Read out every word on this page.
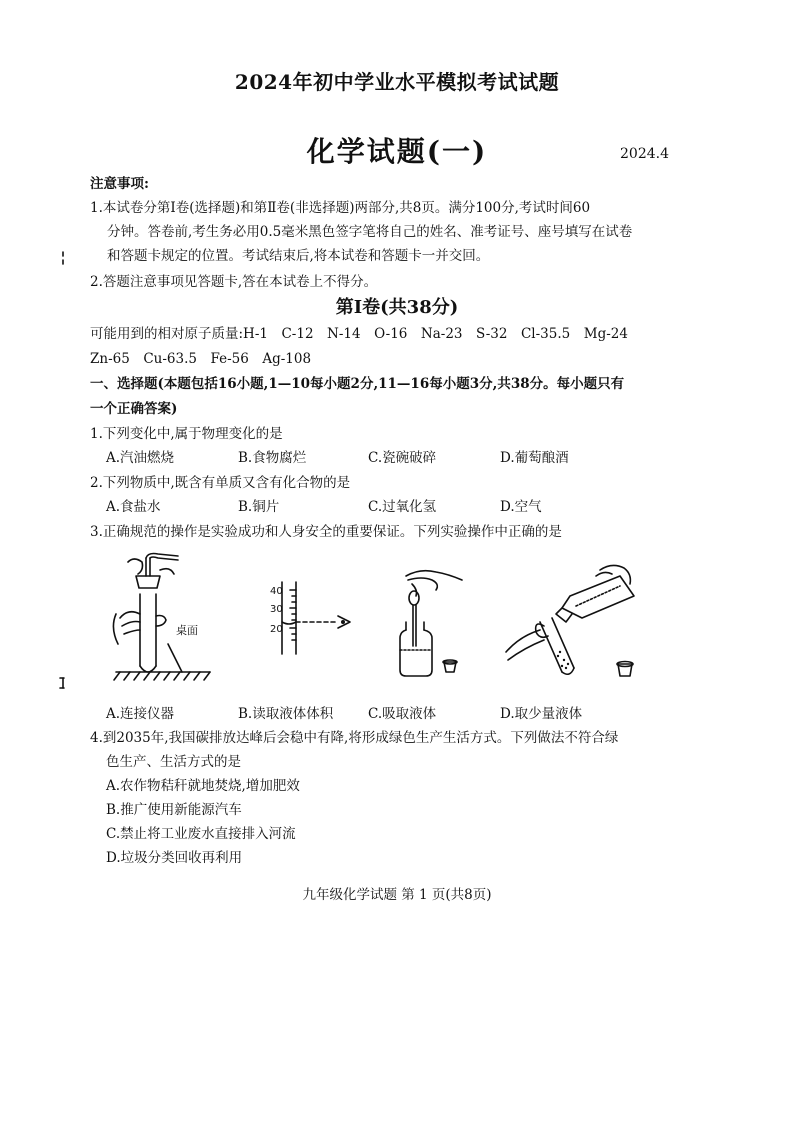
2024年初中学业水平模拟考试试题
化学试题(一)	2024.4
注意事项:
1.本试卷分第Ⅰ卷(选择题)和第Ⅱ卷(非选择题)两部分,共8页。满分100分,考试时间60
分钟。答卷前,考生务必用0.5毫米黑色签字笔将自己的姓名、准考证号、座号填写在试卷
和答题卡规定的位置。考试结束后,将本试卷和答题卡一并交回。
2.答题注意事项见答题卡,答在本试卷上不得分。
第Ⅰ卷(共38分)
可能用到的相对原子质量:H-1　C-12　N-14　O-16　Na-23　S-32　Cl-35.5　Mg-24
Zn-65　Cu-63.5　Fe-56　Ag-108
一、选择题(本题包括16小题,1—10每小题2分,11—16每小题3分,共38分。每小题只有
一个正确答案)
1.下列变化中,属于物理变化的是
A.汽油燃烧	B.食物腐烂	C.瓷碗破碎	D.葡萄酿酒
2.下列物质中,既含有单质又含有化合物的是
A.食盐水	B.铜片	C.过氧化氢	D.空气
3.正确规范的操作是实验成功和人身安全的重要保证。下列实验操作中正确的是
桌面
40
30
20
A.连接仪器	B.读取液体体积	C.吸取液体	D.取少量液体
4.到2035年,我国碳排放达峰后会稳中有降,将形成绿色生产生活方式。下列做法不符合绿
色生产、生活方式的是
A.农作物秸秆就地焚烧,增加肥效
B.推广使用新能源汽车
C.禁止将工业废水直接排入河流
D.垃圾分类回收再利用
九年级化学试题 第 1 页(共8页)
